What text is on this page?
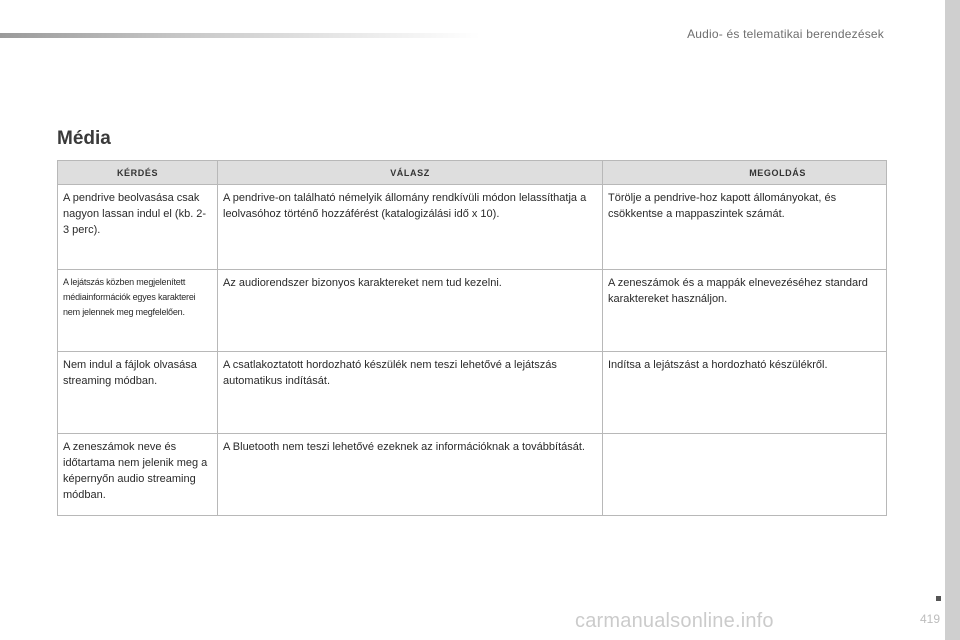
Audio- és telematikai berendezések
Média
KÉRDÉS	VÁLASZ	MEGOLDÁS
A pendrive beolvasása csak nagyon lassan indul el (kb. 2-3 perc).	A pendrive-on található némelyik állomány rendkívüli módon lelassíthatja a leolvasóhoz történő hozzáférést (katalogizálási idő x 10).	Törölje a pendrive-hoz kapott állományokat, és csökkentse a mappaszintek számát.
A lejátszás közben megjelenített médiainformációk egyes karakterei nem jelennek meg megfelelően.	Az audiorendszer bizonyos karaktereket nem tud kezelni.	A zeneszámok és a mappák elnevezéséhez standard karaktereket használjon.
Nem indul a fájlok olvasása streaming módban.	A csatlakoztatott hordozható készülék nem teszi lehetővé a lejátszás automatikus indítását.	Indítsa a lejátszást a hordozható készülékről.
A zeneszámok neve és időtartama nem jelenik meg a képernyőn audio streaming módban.	A Bluetooth nem teszi lehetővé ezeknek az információknak a továbbítását.	
419
carmanualsonline.info
